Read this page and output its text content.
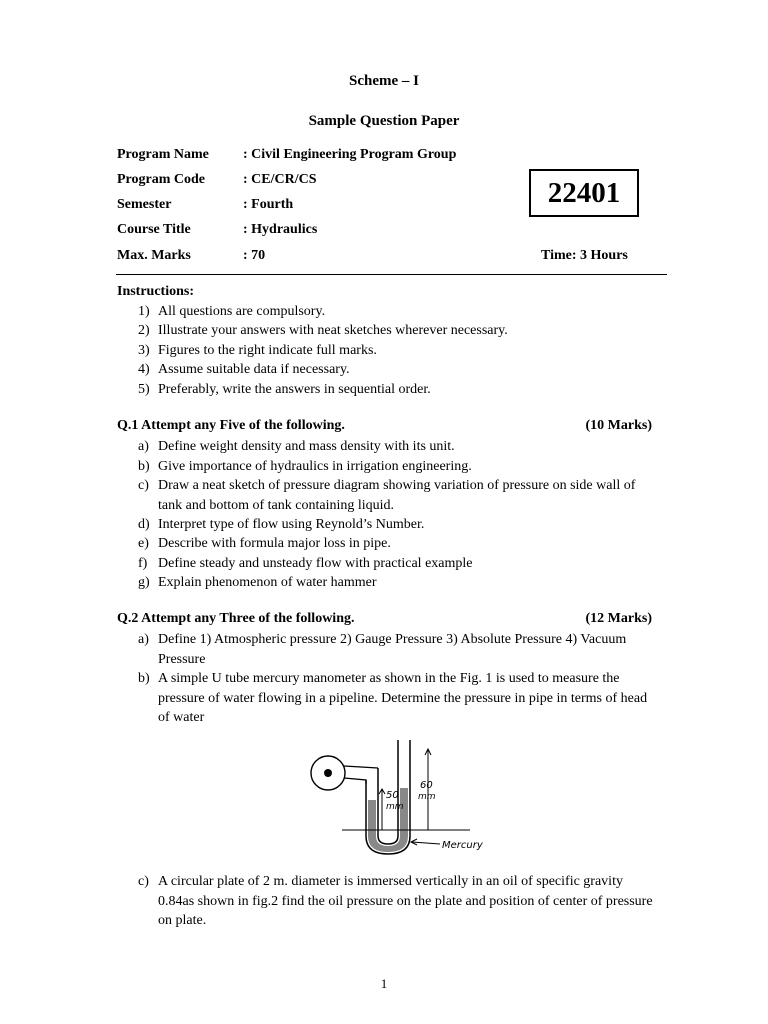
Scheme – I
Sample Question Paper
Program Name : Civil Engineering Program Group
Program Code	: CE/CR/CS
Semester	: Fourth
Course Title	: Hydraulics
Max. Marks	: 70
22401
Time: 3 Hours
Instructions:
1) All questions are compulsory.
2) Illustrate your answers with neat sketches wherever necessary.
3) Figures to the right indicate full marks.
4) Assume suitable data if necessary.
5) Preferably, write the answers in sequential order.
Q.1 Attempt any Five of the following.	(10 Marks)
a) Define weight density and mass density with its unit.
b) Give importance of hydraulics in irrigation engineering.
c) Draw a neat sketch of pressure diagram showing variation of pressure on side wall of tank and bottom of tank containing liquid.
d) Interpret type of flow using Reynold’s Number.
e) Describe with formula major loss in pipe.
f) Define steady and unsteady flow with practical example
g) Explain phenomenon of water hammer
Q.2 Attempt any Three of the following.	(12 Marks)
a) Define 1) Atmospheric pressure 2) Gauge Pressure 3) Absolute Pressure 4) Vacuum Pressure
b) A simple U tube mercury manometer as shown in the Fig. 1 is used to measure the pressure of water flowing in a pipeline. Determine the pressure in pipe in terms of head of water
50
mm
60
mm
Mercury
c) A circular plate of 2 m. diameter is immersed vertically in an oil of specific gravity 0.84as shown in fig.2 find the oil pressure on the plate and position of center of pressure on plate.
1
